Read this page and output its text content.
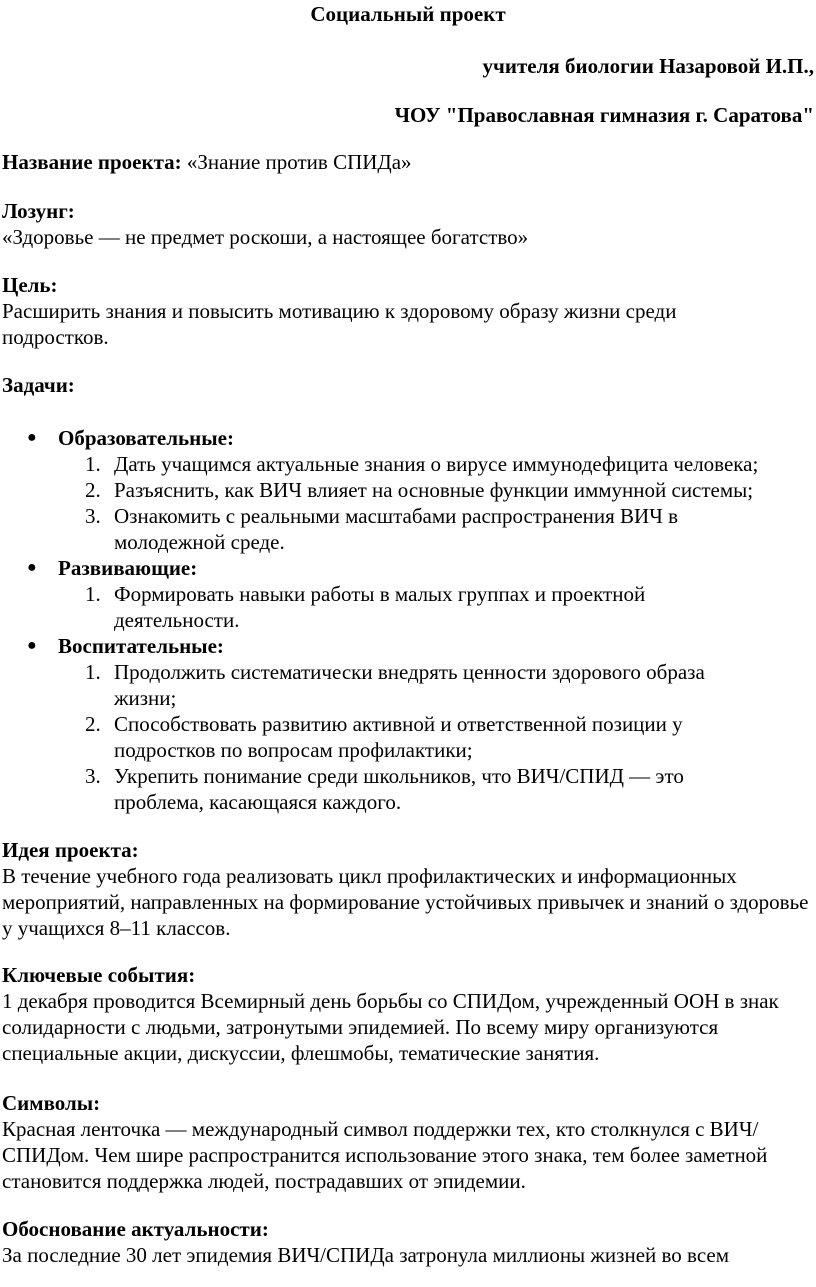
Социальный проект

учителя биологии Назаровой И.П.,

ЧОУ "Православная гимназия г. Саратова"

Название проекта: «Знание против СПИДа»

Лозунг:

«Здоровье — не предмет роскоши, а настоящее богатство»

Цель:

Расширить знания и повысить мотивацию к здоровому образу жизни среди подростков.

Задачи:

● Образовательные:

1. Дать учащимся актуальные знания о вирусе иммунодефицита человека;
2. Разъяснить, как ВИЧ влияет на основные функции иммунной системы;
3. Ознакомить с реальными масштабами распространения ВИЧ в молодежной среде.
● Развивающие:

1. Формировать навыки работы в малых группах и проектной деятельности.
● Воспитательные:

1. Продолжить систематически внедрять ценности здорового образа жизни;
2. Способствовать развитию активной и ответственной позиции у подростков по вопросам профилактики;
3. Укрепить понимание среди школьников, что ВИЧ/СПИД — это проблема, касающаяся каждого.

Идея проекта:

В течение учебного года реализовать цикл профилактических и информационных мероприятий, направленных на формирование устойчивых привычек и знаний о здоровье у учащихся 8–11 классов.

Ключевые события:

1 декабря проводится Всемирный день борьбы со СПИДом, учрежденный ООН в знак солидарности с людьми, затронутыми эпидемией. По всему миру организуются специальные акции, дискуссии, флешмобы, тематические занятия.

Символы:

Красная ленточка — международный символ поддержки тех, кто столкнулся с ВИЧ/СПИДом. Чем шире распространится использование этого знака, тем более заметной становится поддержка людей, пострадавших от эпидемии.

Обоснование актуальности:

За последние 30 лет эпидемия ВИЧ/СПИДа затронула миллионы жизней во всем
